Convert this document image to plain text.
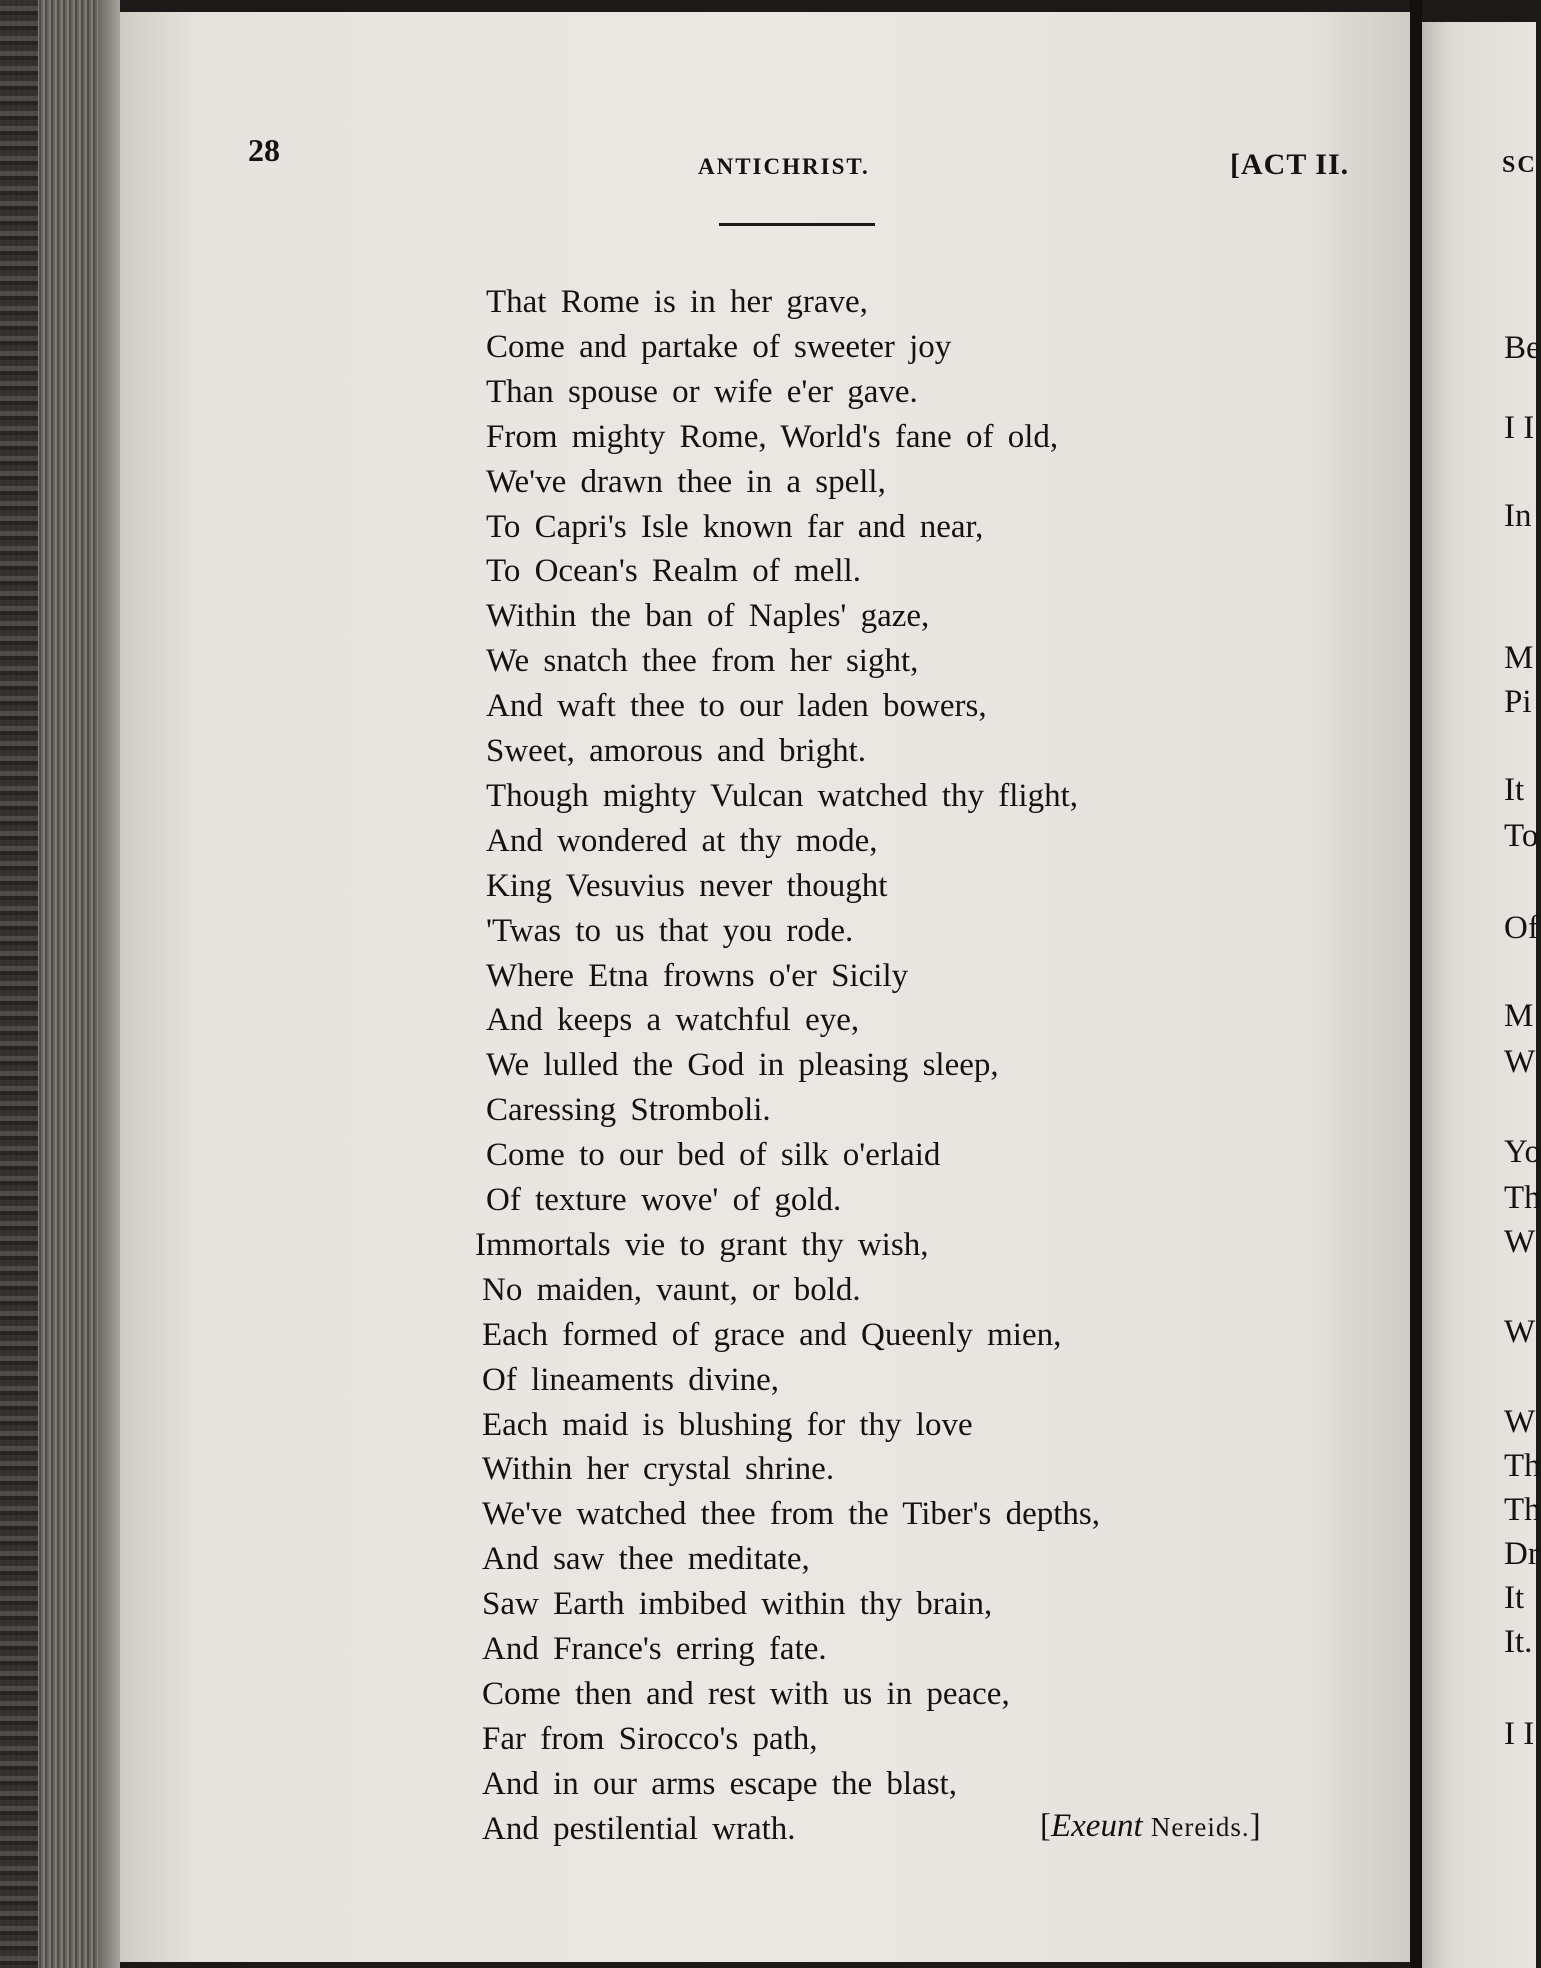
28	ANTICHRIST.	[ACT II.
That Rome is in her grave,
Come and partake of sweeter joy
Than spouse or wife e'er gave.
From mighty Rome, World's fane of old,
We've drawn thee in a spell,
To Capri's Isle known far and near,
To Ocean's Realm of mell.
Within the ban of Naples' gaze,
We snatch thee from her sight,
And waft thee to our laden bowers,
Sweet, amorous and bright.
Though mighty Vulcan watched thy flight,
And wondered at thy mode,
King Vesuvius never thought
'Twas to us that you rode.
Where Etna frowns o'er Sicily
And keeps a watchful eye,
We lulled the God in pleasing sleep,
Caressing Stromboli.
Come to our bed of silk o'erlaid
Of texture wove' of gold.
Immortals vie to grant thy wish,
No maiden, vaunt, or bold.
Each formed of grace and Queenly mien,
Of lineaments divine,
Each maid is blushing for thy love
Within her crystal shrine.
We've watched thee from the Tiber's depths,
And saw thee meditate,
Saw Earth imbibed within thy brain,
And France's erring fate.
Come then and rest with us in peace,
Far from Sirocco's path,
And in our arms escape the blast,
And pestilential wrath.	[Exeunt Nereids.]
SC
Be
I I
In
M
Pi
It
To
Of
M
W
Yo
Th
W
W
W
Th
Th
Dr
It
It.
I I
